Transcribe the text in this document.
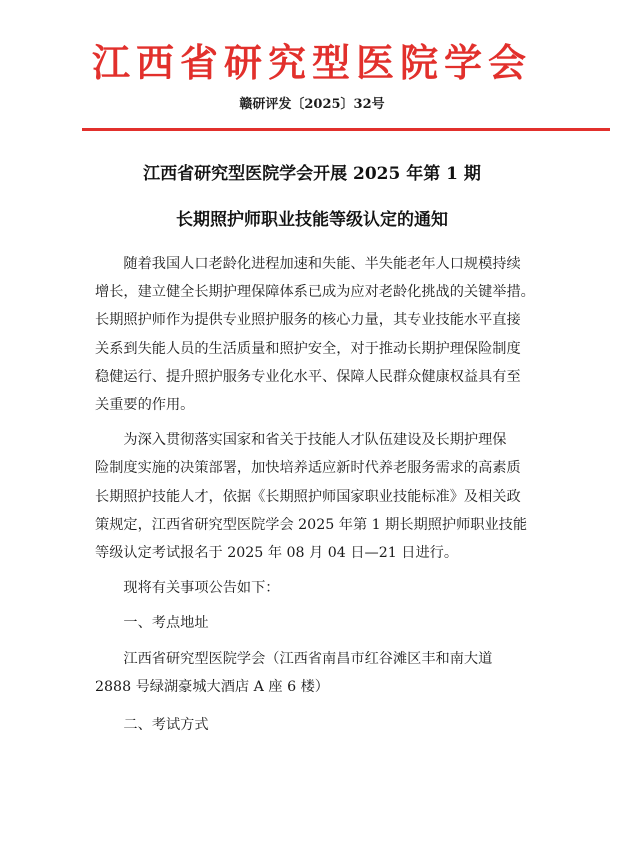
江西省研究型医院学会
赣研评发〔2025〕32号
江西省研究型医院学会开展 2025 年第 1 期
长期照护师职业技能等级认定的通知
随着我国人口老龄化进程加速和失能、半失能老年人口规模持续
增长，建立健全长期护理保障体系已成为应对老龄化挑战的关键举措。
长期照护师作为提供专业照护服务的核心力量，其专业技能水平直接
关系到失能人员的生活质量和照护安全，对于推动长期护理保险制度
稳健运行、提升照护服务专业化水平、保障人民群众健康权益具有至
关重要的作用。
为深入贯彻落实国家和省关于技能人才队伍建设及长期护理保
险制度实施的决策部署，加快培养适应新时代养老服务需求的高素质
长期照护技能人才，依据《长期照护师国家职业技能标准》及相关政
策规定，江西省研究型医院学会 2025 年第 1 期长期照护师职业技能
等级认定考试报名于 2025 年 08 月 04 日—21 日进行。
现将有关事项公告如下：
一、考点地址
江西省研究型医院学会（江西省南昌市红谷滩区丰和南大道
2888 号绿湖豪城大酒店 A 座 6 楼）
二、考试方式
